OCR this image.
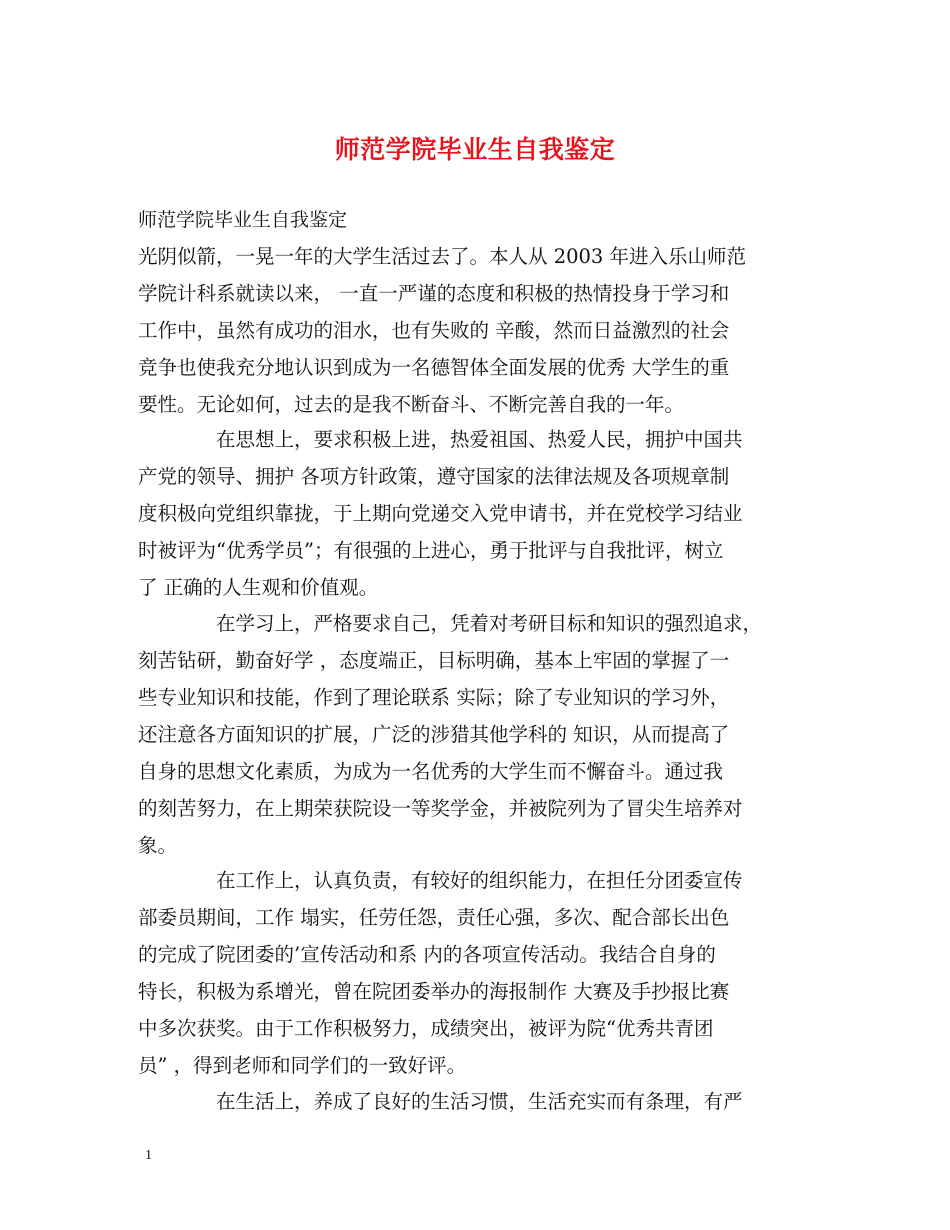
师范学院毕业生自我鉴定
师范学院毕业生自我鉴定
光阴似箭，一晃一年的大学生活过去了。本人从 2003 年进入乐山师范
学院计科系就读以来， 一直一严谨的态度和积极的热情投身于学习和
工作中，虽然有成功的泪水，也有失败的 辛酸，然而日益激烈的社会
竞争也使我充分地认识到成为一名德智体全面发展的优秀 大学生的重
要性。无论如何，过去的是我不断奋斗、不断完善自我的一年。
在思想上，要求积极上进，热爱祖国、热爱人民，拥护中国共
产党的领导、拥护 各项方针政策，遵守国家的法律法规及各项规章制
度积极向党组织靠拢，于上期向党递交入党申请书，并在党校学习结业
时被评为“优秀学员”；有很强的上进心，勇于批评与自我批评，树立
了 正确的人生观和价值观。
在学习上，严格要求自己，凭着对考研目标和知识的强烈追求，
刻苦钻研，勤奋好学 ，态度端正，目标明确，基本上牢固的掌握了一
些专业知识和技能，作到了理论联系 实际；除了专业知识的学习外，
还注意各方面知识的扩展，广泛的涉猎其他学科的 知识，从而提高了
自身的思想文化素质，为成为一名优秀的大学生而不懈奋斗。通过我
的刻苦努力，在上期荣获院设一等奖学金，并被院列为了冒尖生培养对
象。
在工作上，认真负责，有较好的组织能力，在担任分团委宣传
部委员期间，工作 塌实，任劳任怨，责任心强，多次、配合部长出色
的完成了院团委的’宣传活动和系 内的各项宣传活动。我结合自身的
特长，积极为系增光，曾在院团委举办的海报制作 大赛及手抄报比赛
中多次获奖。由于工作积极努力，成绩突出，被评为院“优秀共青团
员” ，得到老师和同学们的一致好评。
在生活上，养成了良好的生活习惯，生活充实而有条理，有严
1
